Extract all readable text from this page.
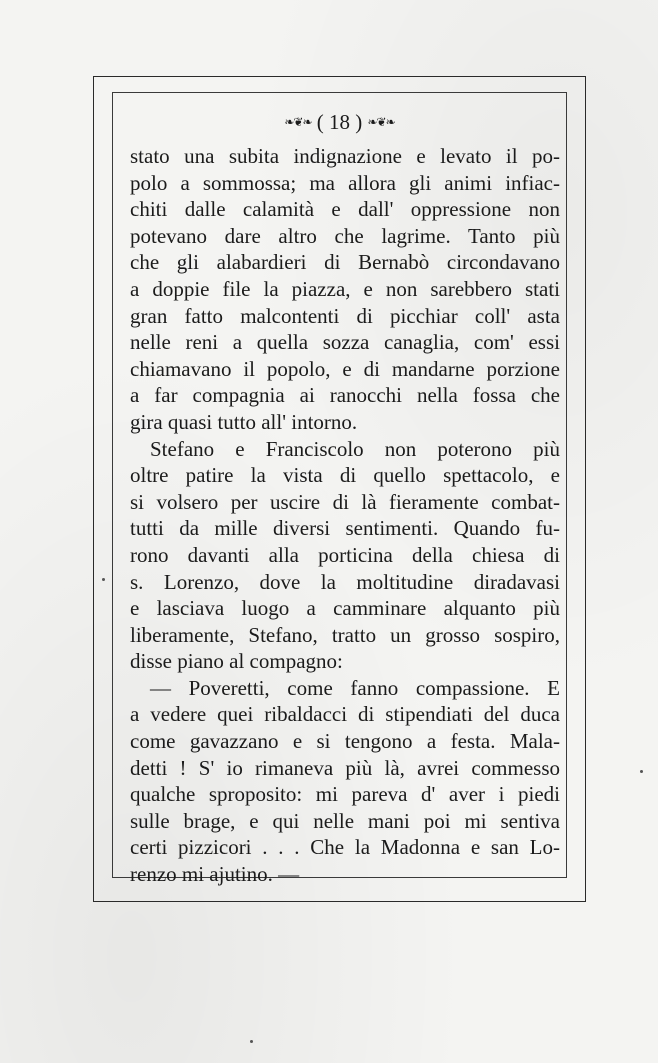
❧❦❧ ( 18 ) ❧❦❧
stato una subita indignazione e levato il po-
polo a sommossa; ma allora gli animi infiac-
chiti dalle calamità e dall' oppressione non
potevano dare altro che lagrime. Tanto più
che gli alabardieri di Bernabò circondavano
a doppie file la piazza, e non sarebbero stati
gran fatto malcontenti di picchiar coll' asta
nelle reni a quella sozza canaglia, com' essi
chiamavano il popolo, e di mandarne porzione
a far compagnia ai ranocchi nella fossa che
gira quasi tutto all' intorno.
Stefano e Franciscolo non poterono più
oltre patire la vista di quello spettacolo, e
si volsero per uscire di là fieramente combat-
tutti da mille diversi sentimenti. Quando fu-
rono davanti alla porticina della chiesa di
s. Lorenzo, dove la moltitudine diradavasi
e lasciava luogo a camminare alquanto più
liberamente, Stefano, tratto un grosso sospiro,
disse piano al compagno:
— Poveretti, come fanno compassione. E
a vedere quei ribaldacci di stipendiati del duca
come gavazzano e si tengono a festa. Mala-
detti ! S' io rimaneva più là, avrei commesso
qualche sproposito: mi pareva d' aver i piedi
sulle brage, e qui nelle mani poi mi sentiva
certi pizzicori . . . Che la Madonna e san Lo-
renzo mi ajutino. —
